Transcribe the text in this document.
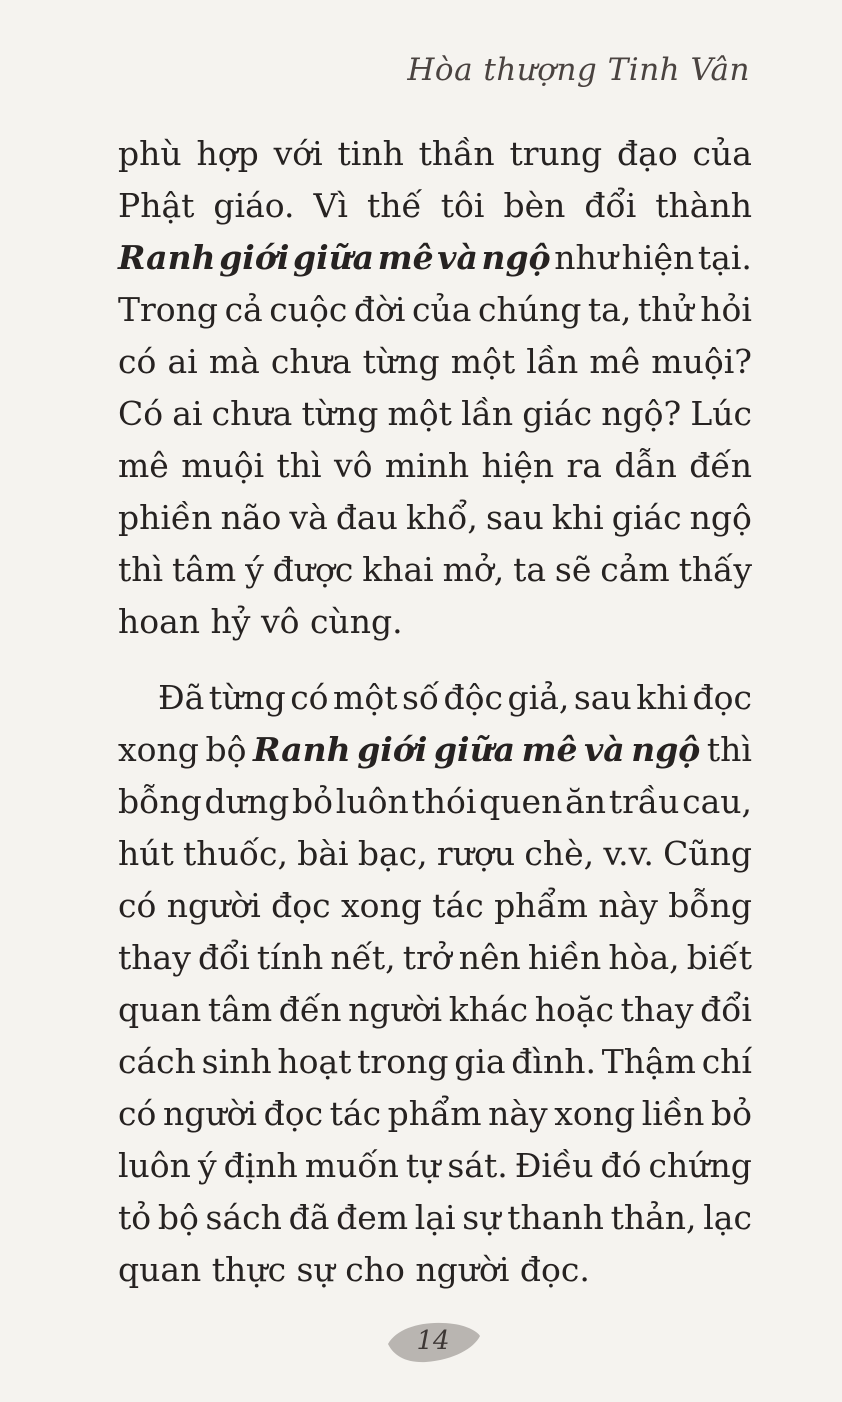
Hòa thượng Tinh Vân
phù hợp với tinh thần trung đạo của
Phật giáo. Vì thế tôi bèn đổi thành
Ranh giới giữa mê và ngộ như hiện tại.
Trong cả cuộc đời của chúng ta, thử hỏi
có ai mà chưa từng một lần mê muội?
Có ai chưa từng một lần giác ngộ? Lúc
mê muội thì vô minh hiện ra dẫn đến
phiền não và đau khổ, sau khi giác ngộ
thì tâm ý được khai mở, ta sẽ cảm thấy
hoan hỷ vô cùng.
Đã từng có một số độc giả, sau khi đọc
xong bộ Ranh giới giữa mê và ngộ thì
bỗng dưng bỏ luôn thói quen ăn trầu cau,
hút thuốc, bài bạc, rượu chè, v.v. Cũng
có người đọc xong tác phẩm này bỗng
thay đổi tính nết, trở nên hiền hòa, biết
quan tâm đến người khác hoặc thay đổi
cách sinh hoạt trong gia đình. Thậm chí
có người đọc tác phẩm này xong liền bỏ
luôn ý định muốn tự sát. Điều đó chứng
tỏ bộ sách đã đem lại sự thanh thản, lạc
quan thực sự cho người đọc.
14
